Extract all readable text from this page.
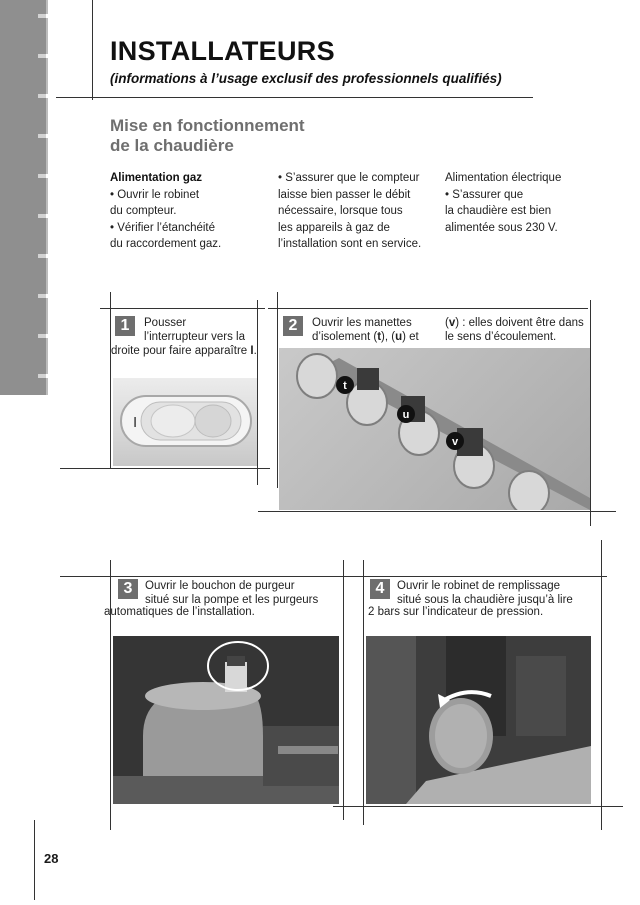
INSTALLATEURS
(informations à l’usage exclusif des professionnels qualifiés)
Mise en fonctionnement
de la chaudière
Alimentation gaz
• Ouvrir le robinet
du compteur.
• Vérifier l’étanchéité
du raccordement gaz.
• S’assurer que le compteur
laisse bien passer le débit
nécessaire, lorsque tous
les appareils à gaz de
l’installation sont en service.
Alimentation électrique
• S’assurer que
la chaudière est bien
alimentée sous 230 V.
1	Pousser
l’interrupteur vers la
droite pour faire apparaître I.
I
2	Ouvrir les manettes
d’isolement (t), (u) et
(v) : elles doivent être dans
le sens d’écoulement.
t
u
v
3	Ouvrir le bouchon de purgeur
situé sur la pompe et les purgeurs
automatiques de l’installation.
4	Ouvrir le robinet de remplissage
situé sous la chaudière jusqu’à lire
2 bars sur l’indicateur de pression.
28
